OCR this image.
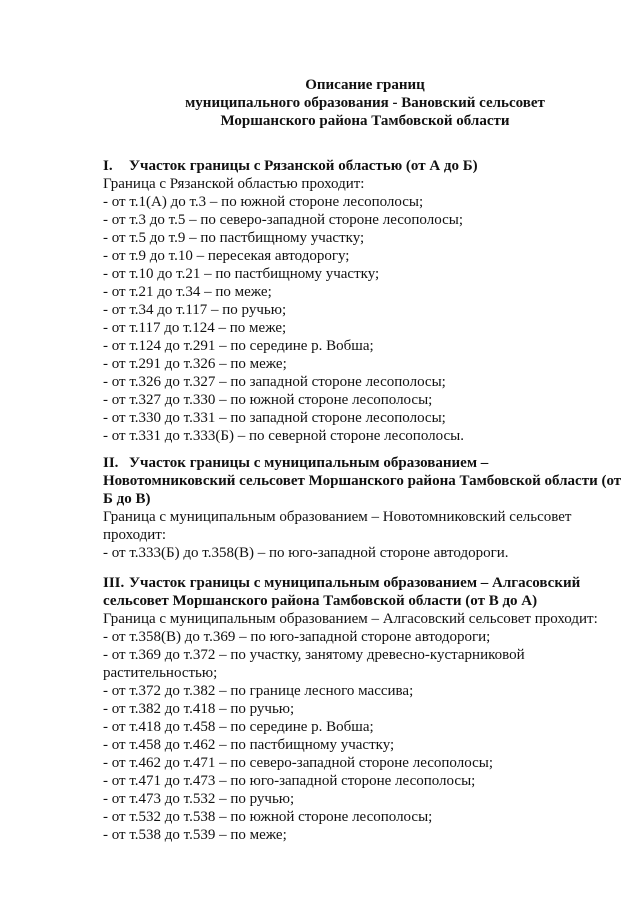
Описание границ
муниципального образования - Вановский сельсовет
Моршанского района Тамбовской области
I. Участок границы с Рязанской областью (от А до Б)
Граница с Рязанской областью проходит:
- от т.1(А) до т.3 – по южной стороне лесополосы;
- от т.3 до т.5 – по северо-западной стороне лесополосы;
- от т.5 до т.9 – по пастбищному участку;
- от т.9 до т.10 – пересекая автодорогу;
- от т.10 до т.21 – по пастбищному участку;
- от т.21 до т.34 – по меже;
- от т.34 до т.117 – по ручью;
- от т.117 до т.124 – по меже;
- от т.124 до т.291 – по середине р. Вобша;
- от т.291 до т.326 – по меже;
- от т.326 до т.327 – по западной стороне лесополосы;
- от т.327 до т.330 – по южной стороне лесополосы;
- от т.330 до т.331 – по западной стороне лесополосы;
- от т.331 до т.333(Б) – по северной стороне лесополосы.
II. Участок границы с муниципальным образованием – Новотомниковский сельсовет Моршанского района Тамбовской области (от Б до В)
Граница с муниципальным образованием – Новотомниковский сельсовет проходит:
- от т.333(Б) до т.358(В) – по юго-западной стороне автодороги.
III. Участок границы с муниципальным образованием – Алгасовский сельсовет Моршанского района Тамбовской области (от В до А)
Граница с муниципальным образованием – Алгасовский сельсовет проходит:
- от т.358(В) до т.369 – по юго-западной стороне автодороги;
- от т.369 до т.372 – по участку, занятому древесно-кустарниковой растительностью;
- от т.372 до т.382 – по границе лесного массива;
- от т.382 до т.418 – по ручью;
- от т.418 до т.458 – по середине р. Вобша;
- от т.458 до т.462 – по пастбищному участку;
- от т.462 до т.471 – по северо-западной стороне лесополосы;
- от т.471 до т.473 – по юго-западной стороне лесополосы;
- от т.473 до т.532 – по ручью;
- от т.532 до т.538 – по южной стороне лесополосы;
- от т.538 до т.539 – по меже;
